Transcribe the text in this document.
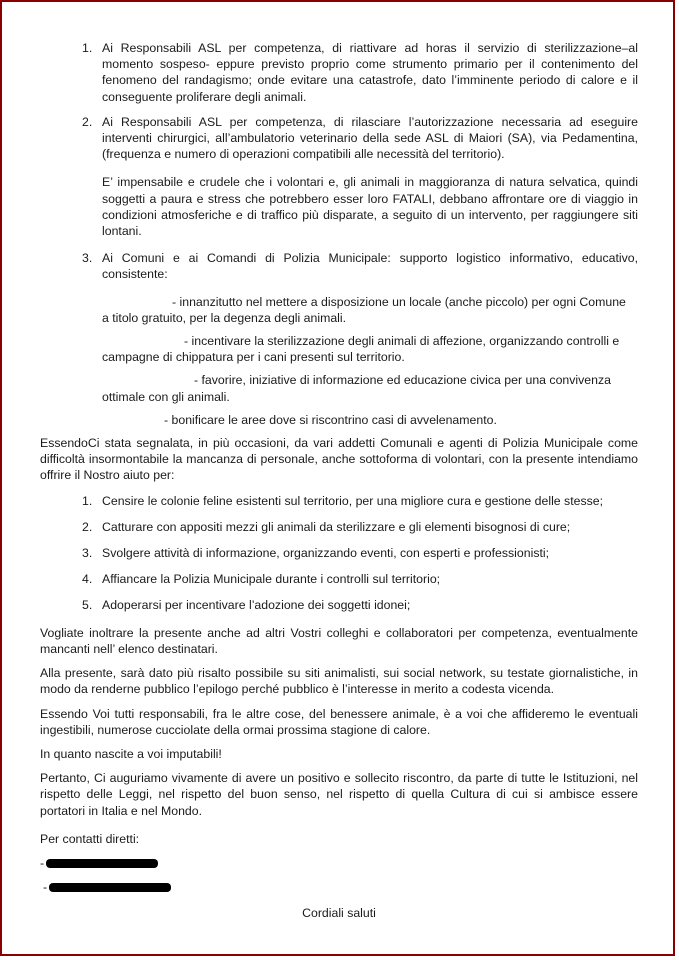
1. Ai Responsabili ASL per competenza, di riattivare ad horas il servizio di sterilizzazione–al momento sospeso- eppure previsto proprio come strumento primario per il contenimento del fenomeno del randagismo; onde evitare una catastrofe, dato l’imminente periodo di calore e il conseguente proliferare degli animali.

2. Ai Responsabili ASL per competenza, di rilasciare l’autorizzazione necessaria ad eseguire interventi chirurgici, all’ambulatorio veterinario della sede ASL di Maiori (SA), via Pedamentina, (frequenza e numero di operazioni compatibili alle necessità del territorio).

E’ impensabile e crudele che i volontari e, gli animali in maggioranza di natura selvatica, quindi soggetti a paura e stress che potrebbero esser loro FATALI, debbano affrontare ore di viaggio in condizioni atmosferiche e di traffico più disparate, a seguito di un intervento, per raggiungere siti lontani.

3. Ai Comuni e ai Comandi di Polizia Municipale: supporto logistico informativo, educativo, consistente:

- innanzitutto nel mettere a disposizione un locale (anche piccolo) per ogni Comune
a titolo gratuito, per la degenza degli animali.
- incentivare la sterilizzazione degli animali di affezione, organizzando controlli e
campagne di chippatura per i cani presenti sul territorio.
- favorire, iniziative di informazione ed educazione civica per una convivenza
ottimale con gli animali.
- bonificare le aree dove si riscontrino casi di avvelenamento.

EssendoCi stata segnalata, in più occasioni, da vari addetti Comunali e agenti di Polizia Municipale come difficoltà insormontabile la mancanza di personale, anche sottoforma di volontari, con la presente intendiamo offrire il Nostro aiuto per:

1. Censire le colonie feline esistenti sul territorio, per una migliore cura e gestione delle stesse;

2. Catturare con appositi mezzi gli animali da sterilizzare e gli elementi bisognosi di cure;

3. Svolgere attività di informazione, organizzando eventi, con esperti e professionisti;

4. Affiancare la Polizia Municipale durante i controlli sul territorio;

5. Adoperarsi per incentivare l’adozione dei soggetti idonei;

Vogliate inoltrare la presente anche ad altri Vostri colleghi e collaboratori per competenza, eventualmente mancanti nell’ elenco destinatari.

Alla presente, sarà dato più risalto possibile su siti animalisti, sui social network, su testate giornalistiche, in modo da renderne pubblico l’epilogo perché pubblico è l’interesse in merito a codesta vicenda.

Essendo Voi tutti responsabili, fra le altre cose, del benessere animale, è a voi che affideremo le eventuali ingestibili, numerose cucciolate della ormai prossima stagione di calore.

In quanto nascite a voi imputabili!

Pertanto, Ci auguriamo vivamente di avere un positivo e sollecito riscontro, da parte di tutte le Istituzioni, nel rispetto delle Leggi, nel rispetto del buon senso, nel rispetto di quella Cultura di cui si ambisce essere portatori in Italia e nel Mondo.

Per contatti diretti:

-

-

Cordiali saluti
